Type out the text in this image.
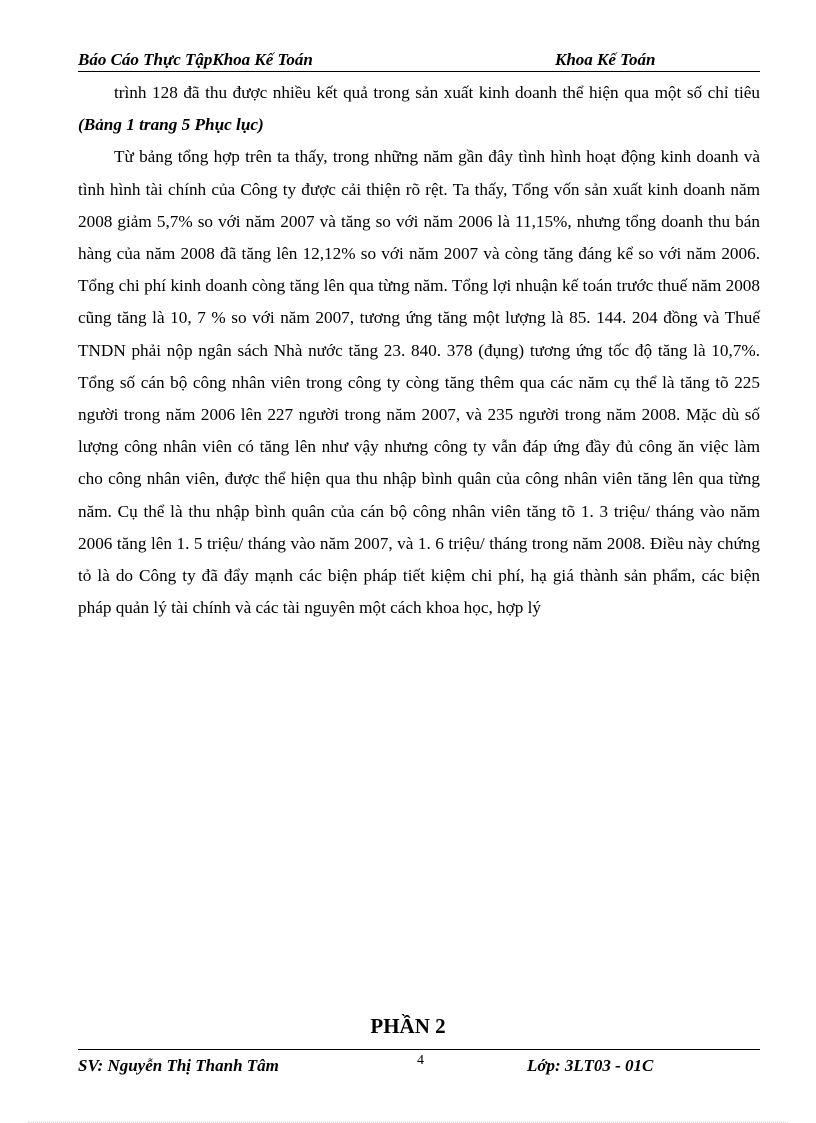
Báo Cáo Thực TậpKhoa Kế Toán	Khoa Kế Toán

trình 128 đã thu được nhiều kết quả trong sản xuất kinh doanh thể hiện qua một số chỉ tiêu (Bảng 1 trang 5 Phục lục)

Từ bảng tổng hợp trên ta thấy, trong những năm gần đây tình hình hoạt động kinh doanh và tình hình tài chính của Công ty được cải thiện rõ rệt. Ta thấy, Tổng vốn sản xuất kinh doanh năm 2008 giảm 5,7% so với năm 2007 và tăng so với năm 2006 là 11,15%, nhưng tổng doanh thu bán hàng của năm 2008 đã tăng lên 12,12% so với năm 2007 và còng tăng đáng kể so với năm 2006. Tổng chi phí kinh doanh còng tăng lên qua từng năm. Tổng lợi nhuận kế toán trước thuế năm 2008 cũng tăng là 10, 7 % so với năm 2007, tương ứng tăng một lượng là 85. 144. 204 đồng và Thuế TNDN phải nộp ngân sách Nhà nước tăng 23. 840. 378 (đụng) tương ứng tốc độ tăng là 10,7%. Tổng số cán bộ công nhân viên trong công ty còng tăng thêm qua các năm cụ thể là tăng tõ 225 người trong năm 2006 lên 227 người trong năm 2007, và 235 người trong năm 2008. Mặc dù số lượng công nhân viên có tăng lên như vậy nhưng công ty vẫn đáp ứng đầy đủ công ăn việc làm cho công nhân viên, được thể hiện qua thu nhập bình quân của công nhân viên tăng lên qua từng năm. Cụ thể là thu nhập bình quân của cán bộ công nhân viên tăng tõ 1. 3 triệu/ tháng vào năm 2006 tăng lên 1. 5 triệu/ tháng vào năm 2007, và 1. 6 triệu/ tháng trong năm 2008. Điều này chứng tỏ là do Công ty đã đẩy mạnh các biện pháp tiết kiệm chi phí, hạ giá thành sản phẩm, các biện pháp quản lý tài chính và các tài nguyên một cách khoa học, hợp lý

PHẦN 2
SV: Nguyễn Thị Thanh Tâm	4	Lớp: 3LT03 - 01C
